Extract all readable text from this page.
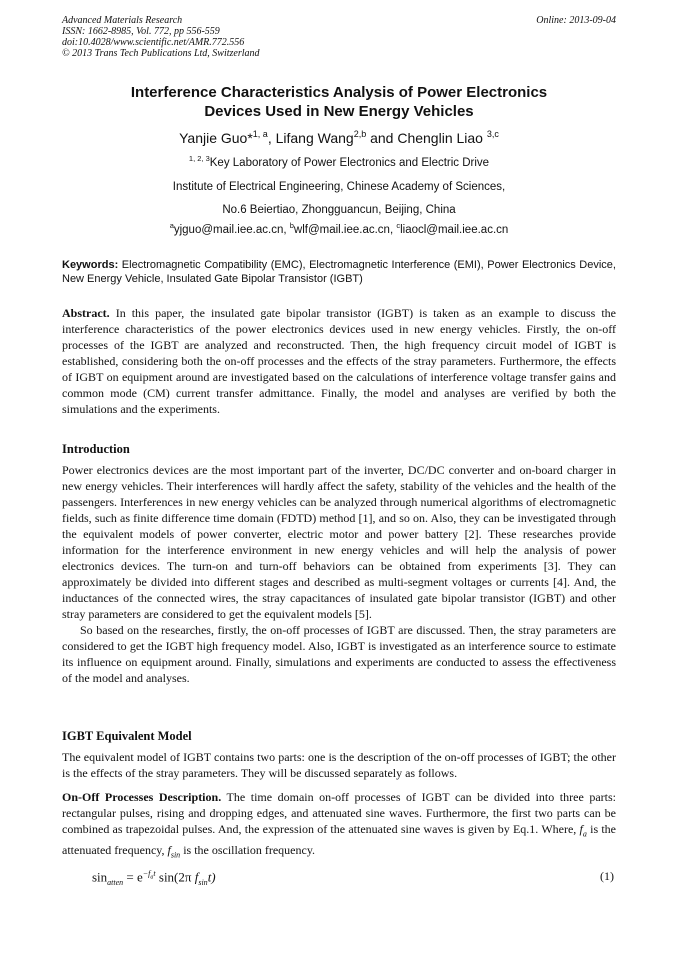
Advanced Materials Research
ISSN: 1662-8985, Vol. 772, pp 556-559
doi:10.4028/www.scientific.net/AMR.772.556
© 2013 Trans Tech Publications Ltd, Switzerland
Online: 2013-09-04
Interference Characteristics Analysis of Power Electronics
Devices Used in New Energy Vehicles
Yanjie Guo*$^{1, a}$, Lifang Wang$^{2,b}$ and Chenglin Liao $^{3,c}$
$^{1, 2, 3}$Key Laboratory of Power Electronics and Electric Drive
Institute of Electrical Engineering, Chinese Academy of Sciences,
No.6 Beiertiao, Zhongguancun, Beijing, China
$^a$yjguo@mail.iee.ac.cn, $^b$wlf@mail.iee.ac.cn, $^c$liaocl@mail.iee.ac.cn
Keywords: Electromagnetic Compatibility (EMC), Electromagnetic Interference (EMI), Power Electronics Device, New Energy Vehicle, Insulated Gate Bipolar Transistor (IGBT)

Abstract. In this paper, the insulated gate bipolar transistor (IGBT) is taken as an example to discuss the interference characteristics of the power electronics devices used in new energy vehicles. Firstly, the on-off processes of the IGBT are analyzed and reconstructed. Then, the high frequency circuit model of IGBT is established, considering both the on-off processes and the effects of the stray parameters. Furthermore, the effects of IGBT on equipment around are investigated based on the calculations of interference voltage transfer gains and common mode (CM) current transfer admittance. Finally, the model and analyses are verified by both the simulations and the experiments.

Introduction

Power electronics devices are the most important part of the inverter, DC/DC converter and on-board charger in new energy vehicles. Their interferences will hardly affect the safety, stability of the vehicles and the health of the passengers. Interferences in new energy vehicles can be analyzed through numerical algorithms of electromagnetic fields, such as finite difference time domain (FDTD) method [1], and so on. Also, they can be investigated through the equivalent models of power converter, electric motor and power battery [2]. These researches provide information for the interference environment in new energy vehicles and will help the analysis of power electronics devices. The turn-on and turn-off behaviors can be obtained from experiments [3]. They can approximately be divided into different stages and described as multi-segment voltages or currents [4]. And, the inductances of the connected wires, the stray capacitances of insulated gate bipolar transistor (IGBT) and other stray parameters are considered to get the equivalent models [5].

So based on the researches, firstly, the on-off processes of IGBT are discussed. Then, the stray parameters are considered to get the IGBT high frequency model. Also, IGBT is investigated as an interference source to estimate its influence on equipment around. Finally, simulations and experiments are conducted to assess the effectiveness of the model and analyses.

IGBT Equivalent Model

The equivalent model of IGBT contains two parts: one is the description of the on-off processes of IGBT; the other is the effects of the stray parameters. They will be discussed separately as follows.

On-Off Processes Description. The time domain on-off processes of IGBT can be divided into three parts: rectangular pulses, rising and dropping edges, and attenuated sine waves. Furthermore, the first two parts can be combined as trapezoidal pulses. And, the expression of the attenuated sine waves is given by Eq.1. Where, $f_a$ is the attenuated frequency, $f_{sin}$ is the oscillation frequency.

$\sin_{atten} = e^{-f_at}$ sin(2π $f_{sin}t$)	(1)
